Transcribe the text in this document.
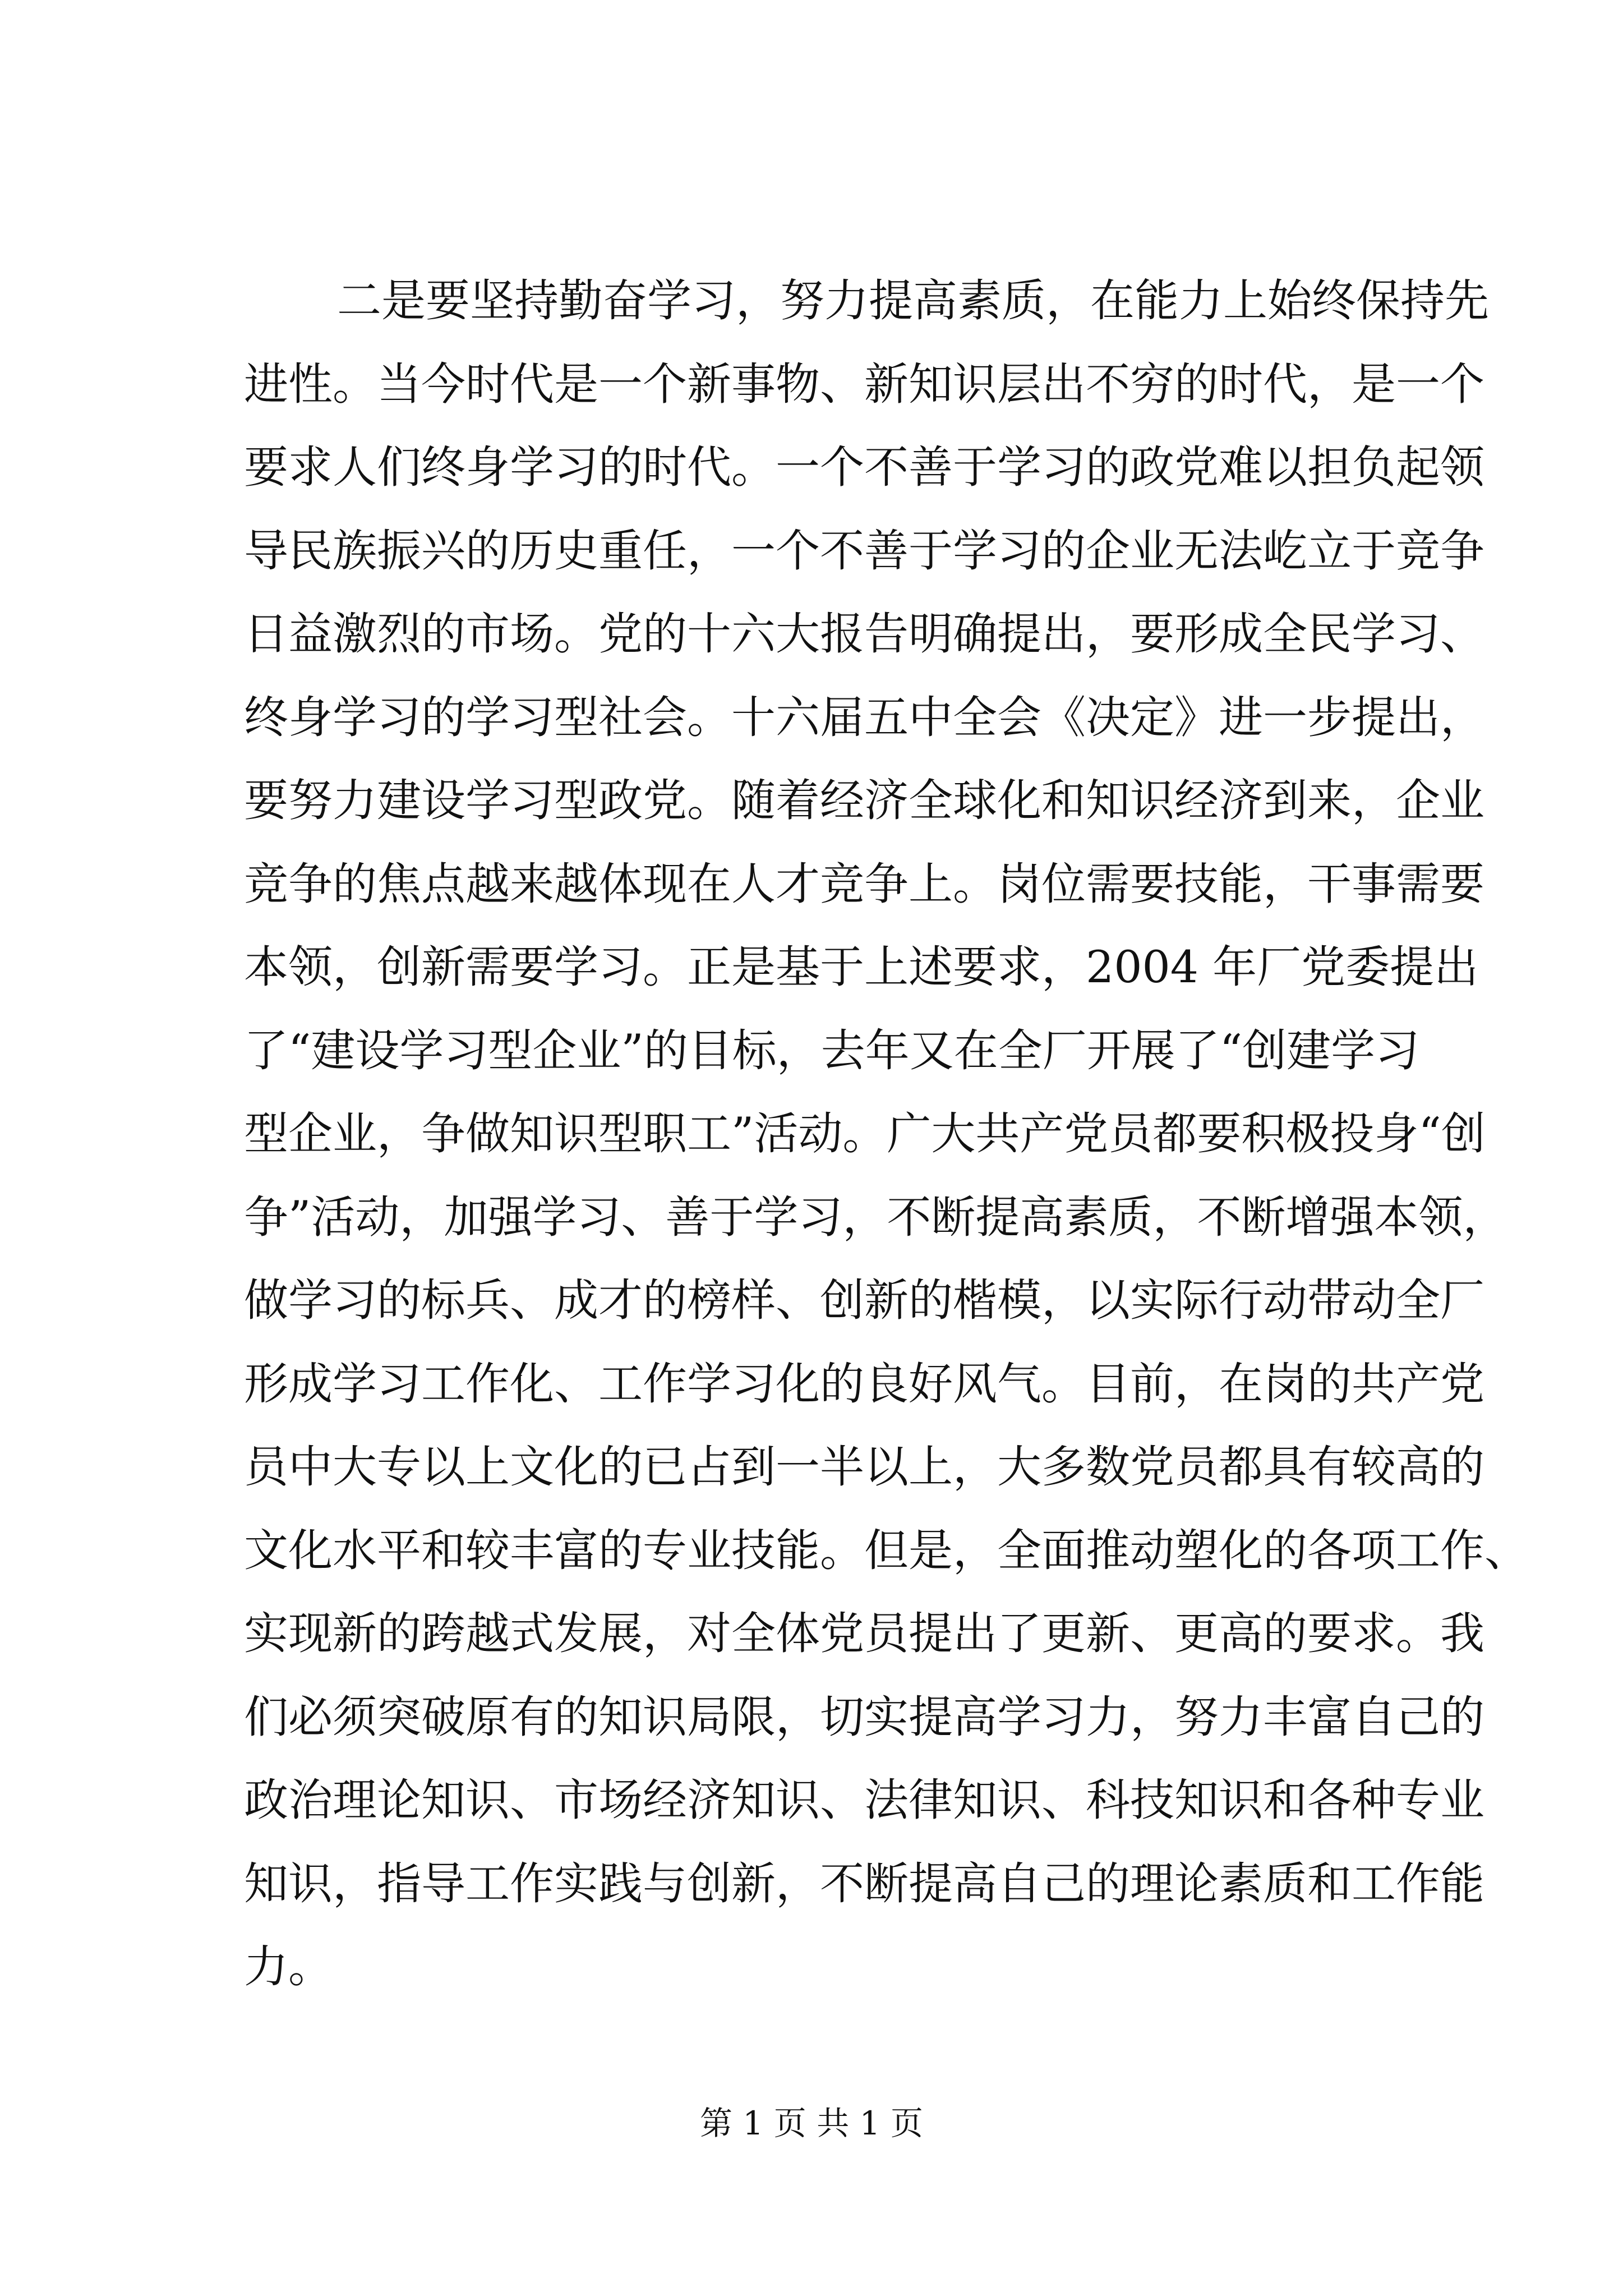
二是要坚持勤奋学习，努力提高素质，在能力上始终保持先
进性。当今时代是一个新事物、新知识层出不穷的时代，是一个
要求人们终身学习的时代。一个不善于学习的政党难以担负起领
导民族振兴的历史重任，一个不善于学习的企业无法屹立于竞争
日益激烈的市场。党的十六大报告明确提出，要形成全民学习、
终身学习的学习型社会。十六届五中全会《决定》进一步提出，
要努力建设学习型政党。随着经济全球化和知识经济到来，企业
竞争的焦点越来越体现在人才竞争上。岗位需要技能，干事需要
本领，创新需要学习。正是基于上述要求，2004 年厂党委提出
了“建设学习型企业”的目标，去年又在全厂开展了“创建学习
型企业，争做知识型职工”活动。广大共产党员都要积极投身“创
争”活动，加强学习、善于学习，不断提高素质，不断增强本领，
做学习的标兵、成才的榜样、创新的楷模，以实际行动带动全厂
形成学习工作化、工作学习化的良好风气。目前，在岗的共产党
员中大专以上文化的已占到一半以上，大多数党员都具有较高的
文化水平和较丰富的专业技能。但是，全面推动塑化的各项工作、
实现新的跨越式发展，对全体党员提出了更新、更高的要求。我
们必须突破原有的知识局限，切实提高学习力，努力丰富自己的
政治理论知识、市场经济知识、法律知识、科技知识和各种专业
知识，指导工作实践与创新，不断提高自己的理论素质和工作能
力。
第 1 页 共 1 页
